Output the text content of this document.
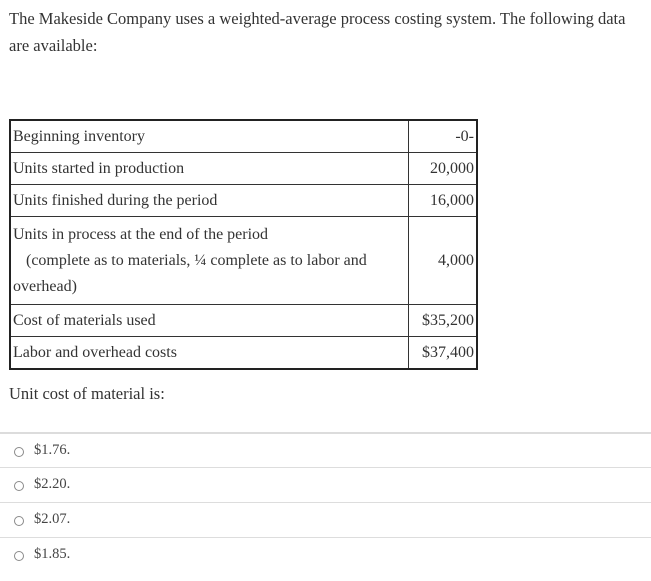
The Makeside Company uses a weighted-average process costing system. The following data are available:

Beginning inventory	-0-
Units started in production	20,000
Units finished during the period	16,000
Units in process at the end of the period
(complete as to materials, ¼ complete as to labor and
overhead)	4,000
Cost of materials used	$35,200
Labor and overhead costs	$37,400

Unit cost of material is:

$1.76.
$2.20.
$2.07.
$1.85.
